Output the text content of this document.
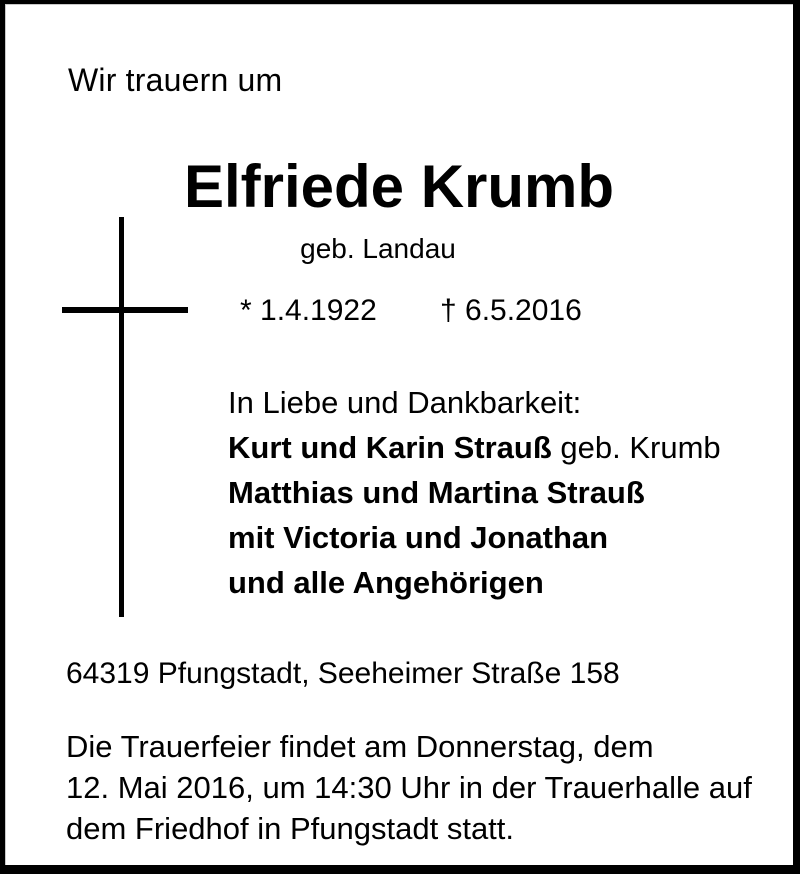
Wir trauern um
Elfriede Krumb
geb. Landau
* 1.4.1922 † 6.5.2016
In Liebe und Dankbarkeit:
Kurt und Karin Strauß geb. Krumb
Matthias und Martina Strauß
mit Victoria und Jonathan
und alle Angehörigen
64319 Pfungstadt, Seeheimer Straße 158
Die Trauerfeier findet am Donnerstag, dem
12. Mai 2016, um 14:30 Uhr in der Trauerhalle auf
dem Friedhof in Pfungstadt statt.
